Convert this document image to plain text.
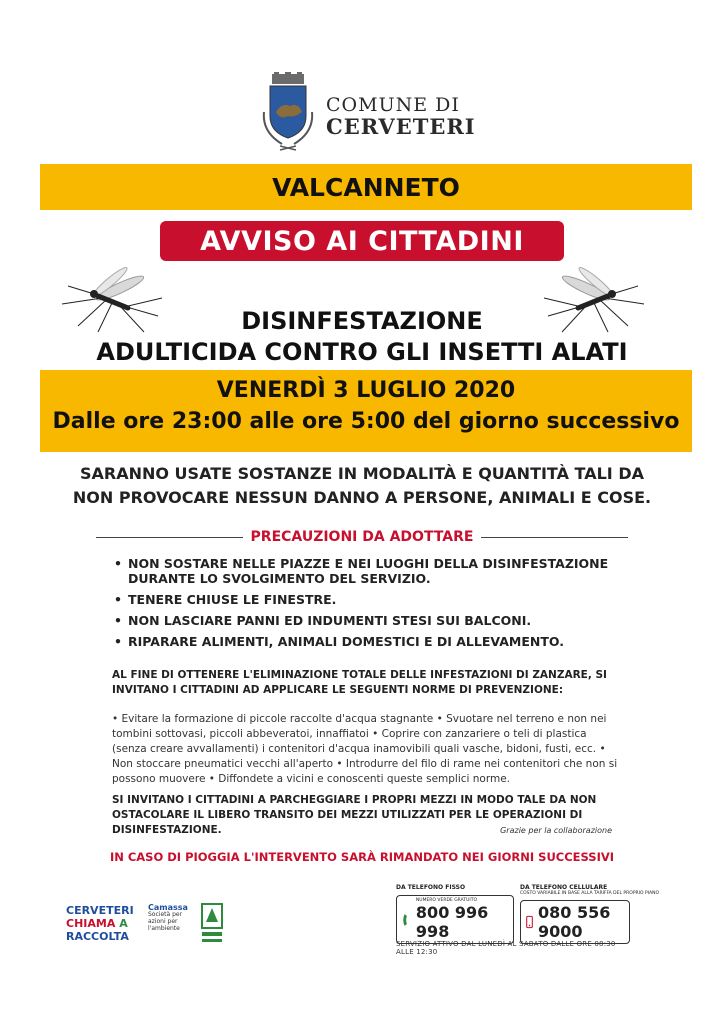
COMUNE DI
CERVETERI
VALCANNETO
AVVISO AI CITTADINI
DISINFESTAZIONE
ADULTICIDA CONTRO GLI INSETTI ALATI
VENERDÌ 3 LUGLIO 2020
Dalle ore 23:00 alle ore 5:00 del giorno successivo
SARANNO USATE SOSTANZE IN MODALITÀ E QUANTITÀ TALI DA
NON PROVOCARE NESSUN DANNO A PERSONE, ANIMALI E COSE.
PRECAUZIONI DA ADOTTARE
• NON SOSTARE NELLE PIAZZE E NEI LUOGHI DELLA DISINFESTAZIONE DURANTE LO SVOLGIMENTO DEL SERVIZIO.
• TENERE CHIUSE LE FINESTRE.
• NON LASCIARE PANNI ED INDUMENTI STESI SUI BALCONI.
• RIPARARE ALIMENTI, ANIMALI DOMESTICI E DI ALLEVAMENTO.
AL FINE DI OTTENERE L'ELIMINAZIONE TOTALE DELLE INFESTAZIONI DI ZANZARE, SI INVITANO I CITTADINI AD APPLICARE LE SEGUENTI NORME DI PREVENZIONE:
• Evitare la formazione di piccole raccolte d'acqua stagnante • Svuotare nel terreno e non nei tombini sottovasi, piccoli abbeveratoi, innaffiatoi • Coprire con zanzariere o teli di plastica (senza creare avvallamenti) i contenitori d'acqua inamovibili quali vasche, bidoni, fusti, ecc. • Non stoccare pneumatici vecchi all'aperto • Introdurre del filo di rame nei contenitori che non si possono muovere • Diffondete a vicini e conoscenti queste semplici norme.
SI INVITANO I CITTADINI A PARCHEGGIARE I PROPRI MEZZI IN MODO TALE DA NON OSTACOLARE IL LIBERO TRANSITO DEI MEZZI UTILIZZATI PER LE OPERAZIONI DI DISINFESTAZIONE.	Grazie per la collaborazione
IN CASO DI PIOGGIA L'INTERVENTO SARÀ RIMANDATO NEI GIORNI SUCCESSIVI
CERVETERI
CHIAMA A
RACCOLTA
Camassa
Società per azioni per l'ambiente
DA TELEFONO FISSO
NUMERO VERDE GRATUITO
800 996 998
DA TELEFONO CELLULARE
COSTO VARIABILE IN BASE ALLA TARIFFA DEL PROPRIO PIANO
080 556 9000
SERVIZIO ATTIVO DAL LUNEDÌ AL SABATO DALLE ORE 08:30 ALLE 12:30
